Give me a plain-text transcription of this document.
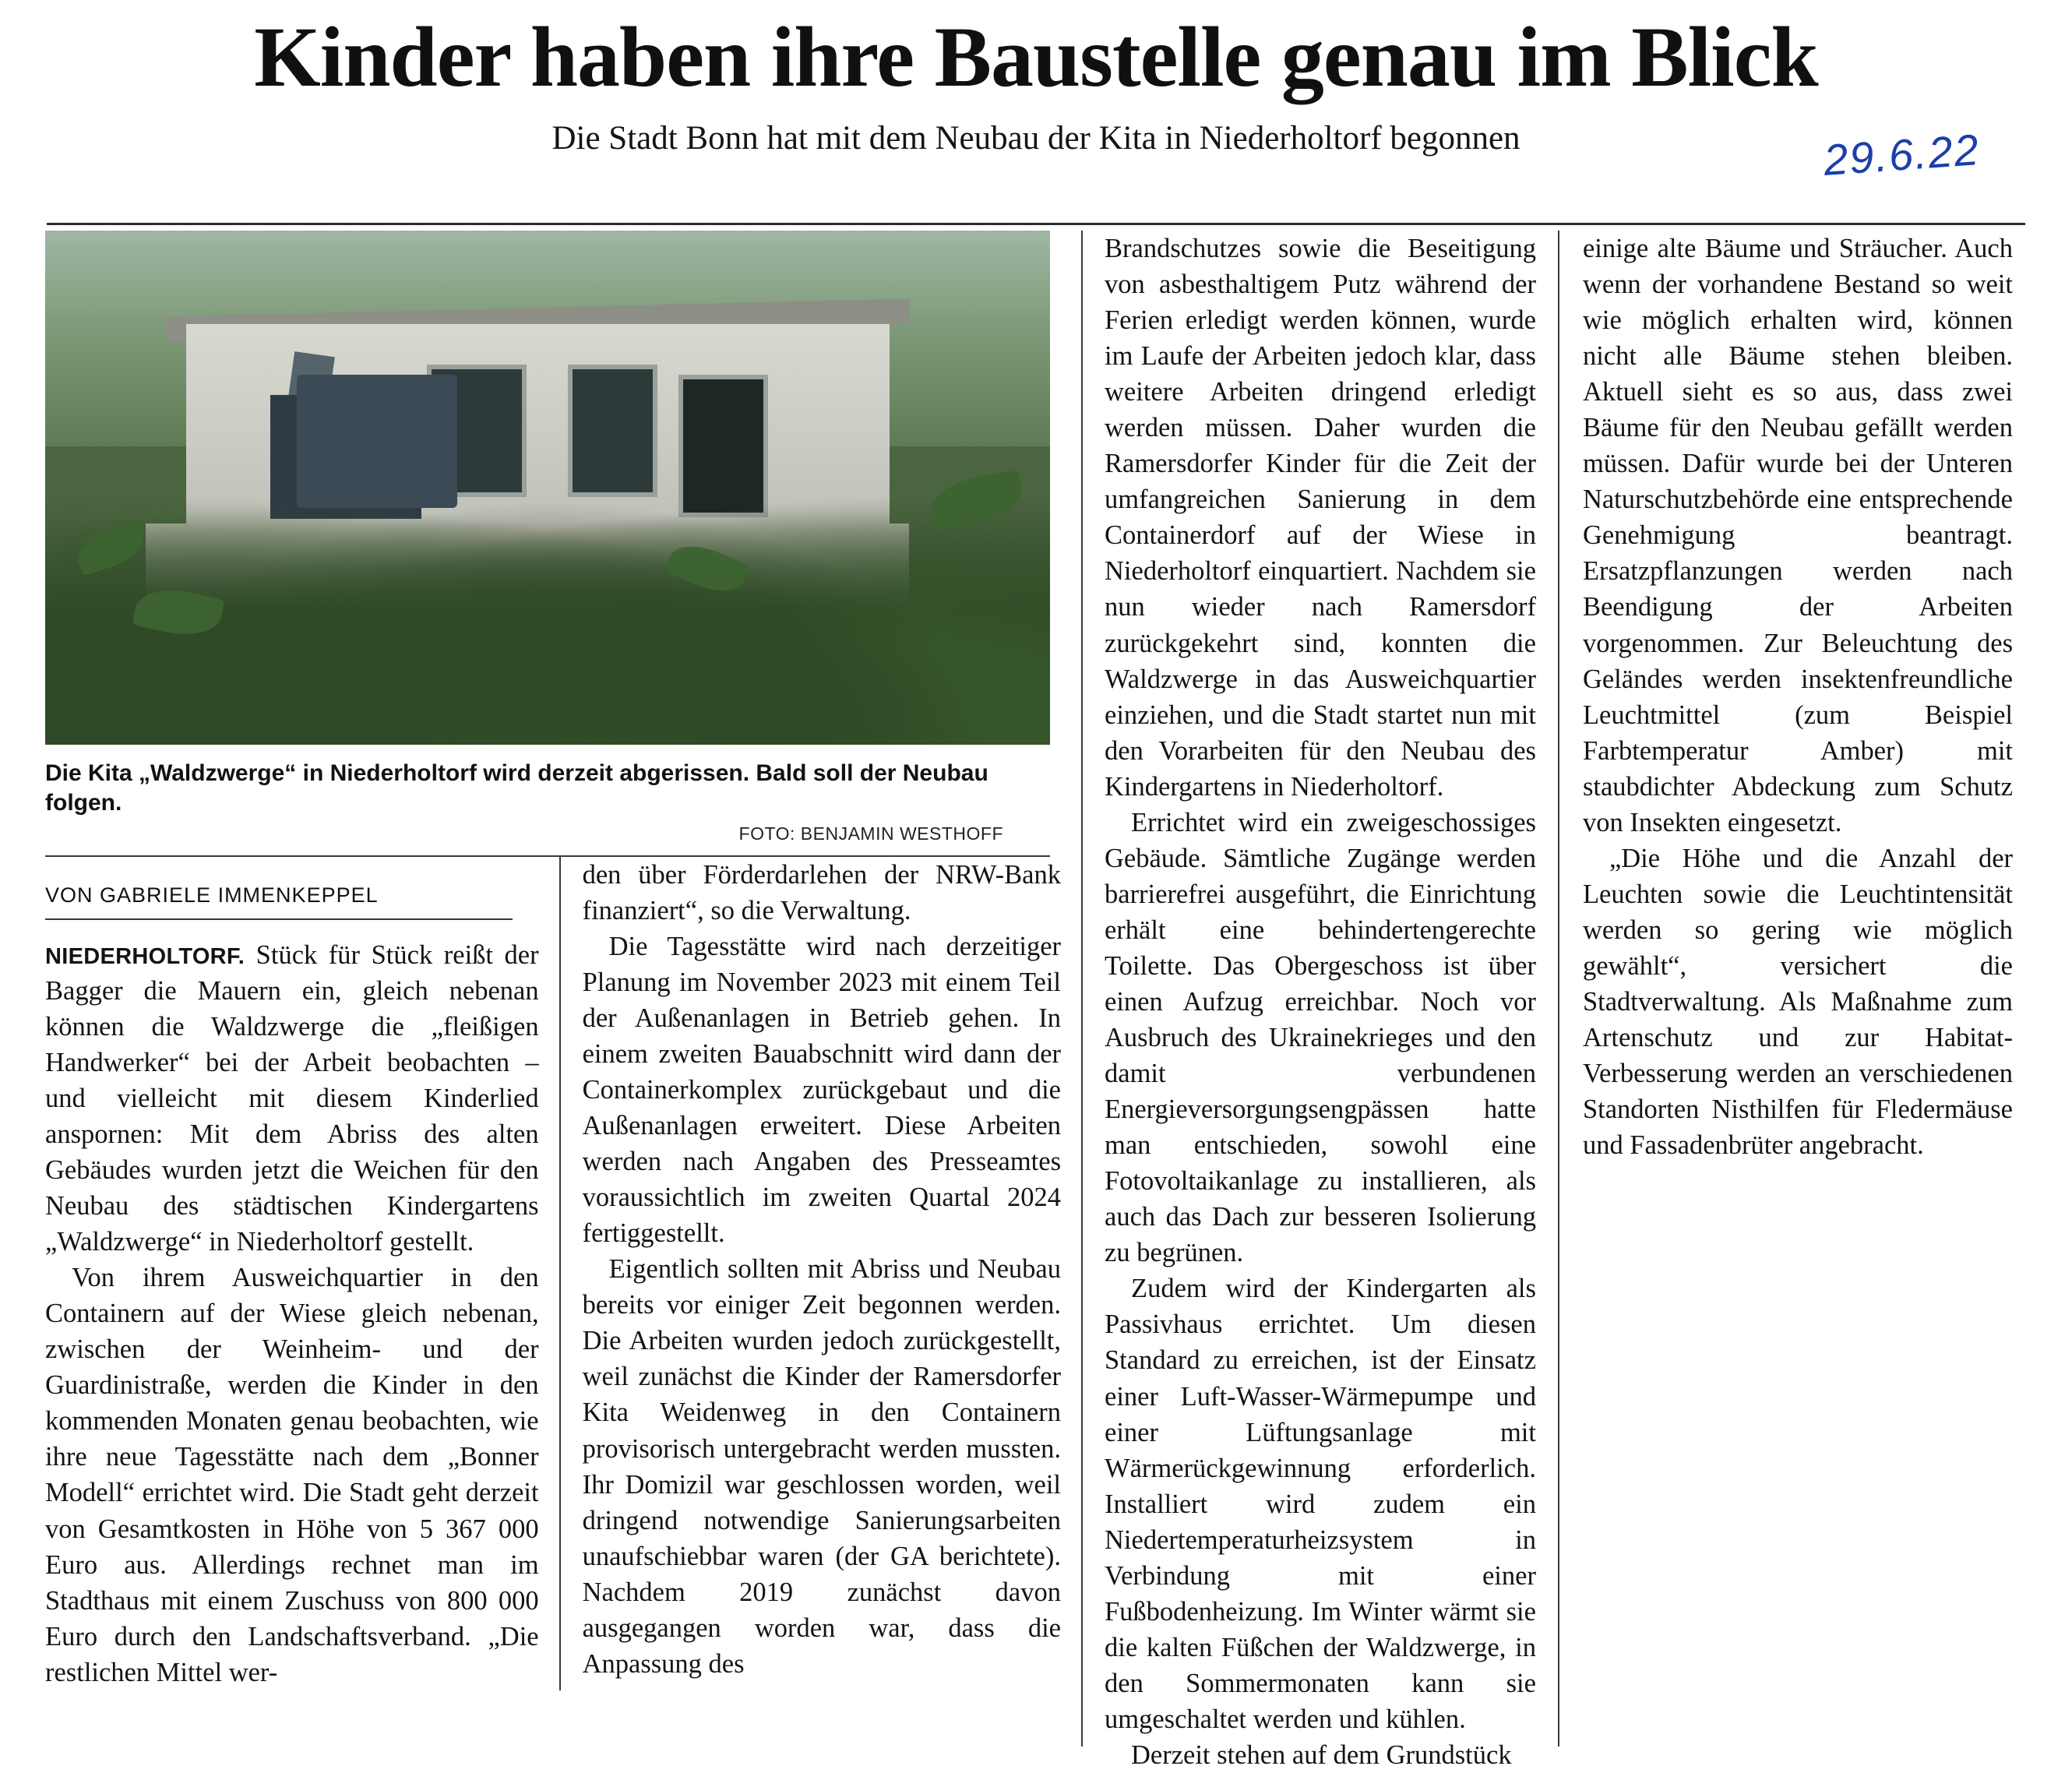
Kinder haben ihre Baustelle genau im Blick
Die Stadt Bonn hat mit dem Neubau der Kita in Niederholtorf begonnen	29.6.22
Die Kita „Waldzwerge“ in Niederholtorf wird derzeit abgerissen. Bald soll der Neubau folgen.
FOTO: BENJAMIN WESTHOFF
VON GABRIELE IMMENKEPPEL

NIEDERHOLTORF. Stück für Stück reißt der Bagger die Mauern ein, gleich nebenan können die Waldzwerge die „fleißigen Handwerker“ bei der Arbeit beobachten – und vielleicht mit diesem Kinderlied anspornen: Mit dem Abriss des alten Gebäudes wurden jetzt die Weichen für den Neubau des städtischen Kindergartens „Waldzwerge“ in Niederholtorf gestellt.

Von ihrem Ausweichquartier in den Containern auf der Wiese gleich nebenan, zwischen der Weinheim- und der Guardinistraße, werden die Kinder in den kommenden Monaten genau beobachten, wie ihre neue Tagesstätte nach dem „Bonner Modell“ errichtet wird. Die Stadt geht derzeit von Gesamtkosten in Höhe von 5 367 000 Euro aus. Allerdings rechnet man im Stadthaus mit einem Zuschuss von 800 000 Euro durch den Landschaftsverband. „Die restlichen Mittel wer-

den über Förderdarlehen der NRW-Bank finanziert“, so die Verwaltung.

Die Tagesstätte wird nach derzeitiger Planung im November 2023 mit einem Teil der Außenanlagen in Betrieb gehen. In einem zweiten Bauabschnitt wird dann der Containerkomplex zurückgebaut und die Außenanlagen erweitert. Diese Arbeiten werden nach Angaben des Presseamtes voraussichtlich im zweiten Quartal 2024 fertiggestellt.

Eigentlich sollten mit Abriss und Neubau bereits vor einiger Zeit begonnen werden. Die Arbeiten wurden jedoch zurückgestellt, weil zunächst die Kinder der Ramersdorfer Kita Weidenweg in den Containern provisorisch untergebracht werden mussten. Ihr Domizil war geschlossen worden, weil dringend notwendige Sanierungsarbeiten unaufschiebbar waren (der GA berichtete). Nachdem 2019 zunächst davon ausgegangen worden war, dass die Anpassung des

Brandschutzes sowie die Beseitigung von asbesthaltigem Putz während der Ferien erledigt werden können, wurde im Laufe der Arbeiten jedoch klar, dass weitere Arbeiten dringend erledigt werden müssen. Daher wurden die Ramersdorfer Kinder für die Zeit der umfangreichen Sanierung in dem Containerdorf auf der Wiese in Niederholtorf einquartiert. Nachdem sie nun wieder nach Ramersdorf zurückgekehrt sind, konnten die Waldzwerge in das Ausweichquartier einziehen, und die Stadt startet nun mit den Vorarbeiten für den Neubau des Kindergartens in Niederholtorf.

Errichtet wird ein zweigeschossiges Gebäude. Sämtliche Zugänge werden barrierefrei ausgeführt, die Einrichtung erhält eine behindertengerechte Toilette. Das Obergeschoss ist über einen Aufzug erreichbar. Noch vor Ausbruch des Ukrainekrieges und den damit verbundenen Energieversorgungsengpässen hatte man entschieden, sowohl eine Fotovoltaikanlage zu installieren, als auch das Dach zur besseren Isolierung zu begrünen.

Zudem wird der Kindergarten als Passivhaus errichtet. Um diesen Standard zu erreichen, ist der Einsatz einer Luft-Wasser-Wärmepumpe und einer Lüftungsanlage mit Wärmerückgewinnung erforderlich. Installiert wird zudem ein Niedertemperaturheizsystem in Verbindung mit einer Fußbodenheizung. Im Winter wärmt sie die kalten Füßchen der Waldzwerge, in den Sommermonaten kann sie umgeschaltet werden und kühlen.

Derzeit stehen auf dem Grundstück

einige alte Bäume und Sträucher. Auch wenn der vorhandene Bestand so weit wie möglich erhalten wird, können nicht alle Bäume stehen bleiben. Aktuell sieht es so aus, dass zwei Bäume für den Neubau gefällt werden müssen. Dafür wurde bei der Unteren Naturschutzbehörde eine entsprechende Genehmigung beantragt. Ersatzpflanzungen werden nach Beendigung der Arbeiten vorgenommen. Zur Beleuchtung des Geländes werden insektenfreundliche Leuchtmittel (zum Beispiel Farbtemperatur Amber) mit staubdichter Abdeckung zum Schutz von Insekten eingesetzt.

„Die Höhe und die Anzahl der Leuchten sowie die Leuchtintensität werden so gering wie möglich gewählt“, versichert die Stadtverwaltung. Als Maßnahme zum Artenschutz und zur Habitat-Verbesserung werden an verschiedenen Standorten Nisthilfen für Fledermäuse und Fassadenbrüter angebracht.
